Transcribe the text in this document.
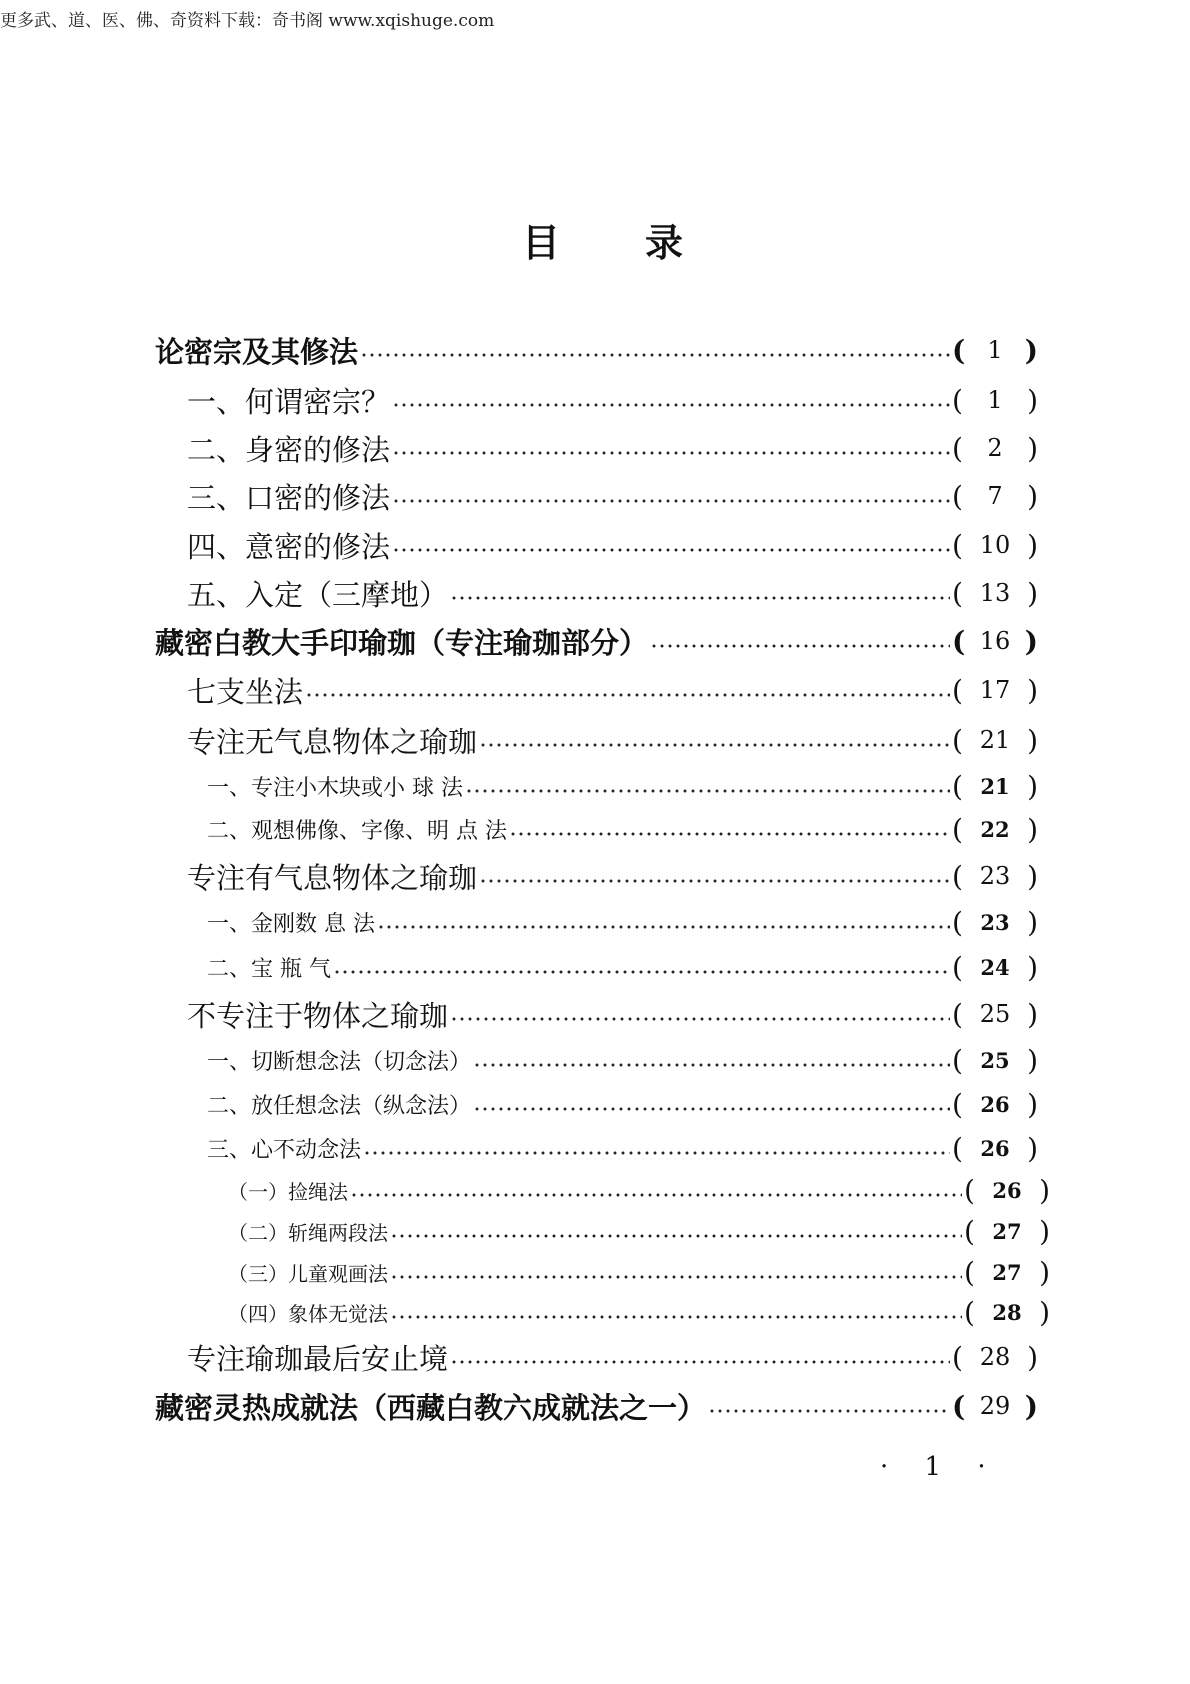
更多武、道、医、佛、奇资料下载：奇书阁 www.xqishuge.com
目 录
论密宗及其修法	( 1 )
一、何谓密宗？	(	1 )
二、身密的修法	(	2 )
三、口密的修法	(	7 )
四、意密的修法	( 10 )
五、入定（三摩地）	( 13 )
藏密白教大手印瑜珈（专注瑜珈部分）	( 16 )
七支坐法	( 17 )
专注无气息物体之瑜珈	( 21 )
一、专注小木块或小 球 法	( 21 )
二、观想佛像、字像、明 点 法	( 22 )
专注有气息物体之瑜珈	( 23 )
一、金刚数 息 法	( 23 )
二、宝 瓶 气	( 24 )
不专注于物体之瑜珈	( 25 )
一、切断想念法（切念法）	( 25 )
二、放任想念法（纵念法）	( 26 )
三、心不动念法	( 26 )
（一）捡绳法	( 26 )
（二）斩绳两段法	( 27 )
（三）儿童观画法	( 27 )
（四）象体无觉法	( 28 )
专注瑜珈最后安止境	( 28 )
藏密灵热成就法（西藏白教六成就法之一）	( 29 )
· 1 ·
